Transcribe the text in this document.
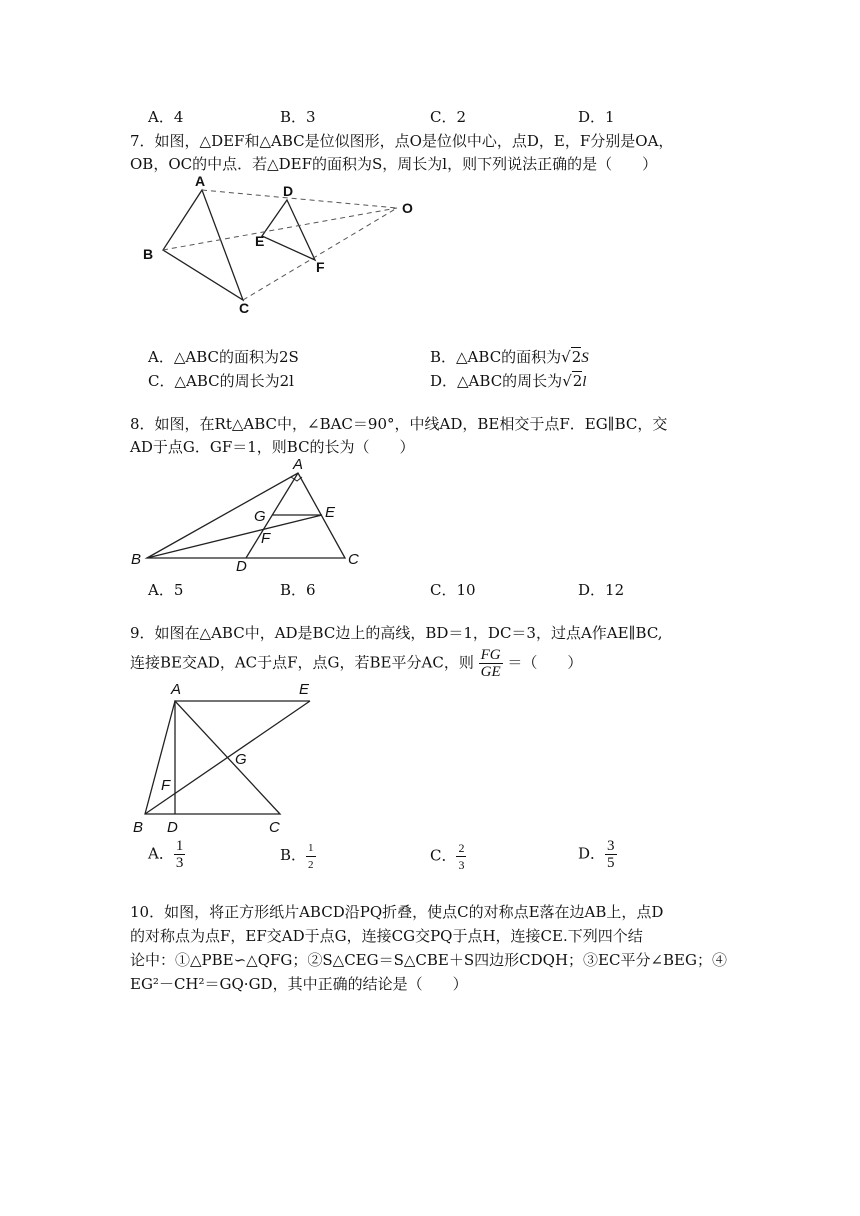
A．4	B．3	C．2	D．1
7．如图，△DEF和△ABC是位似图形，点O是位似中心，点D，E，F分别是OA，
OB，OC的中点．若△DEF的面积为S，周长为l，则下列说法正确的是（　　）
A
B
C
D
E
F
O
A．△ABC的面积为2S	B．△ABC的面积为√2S
C．△ABC的周长为2l	D．△ABC的周长为√2l
8．如图，在Rt△ABC中，∠BAC＝90°，中线AD，BE相交于点F．EG∥BC，交
AD于点G．GF＝1，则BC的长为（　　）
A
B	C
D
E
F
G
A．5	B．6	C．10	D．12
9．如图在△ABC中，AD是BC边上的高线，BD＝1，DC＝3，过点A作AE∥BC,
连接BE交AD，AC于点F，点G，若BE平分AC，则 $\frac{FG}{GE}$ ＝（　　）
A	E
B D	C
F
G
A． $\frac{1}{3}$	B． $\frac{1}{2}$	C． $\frac{2}{3}$	D． $\frac{3}{5}$
10．如图，将正方形纸片ABCD沿PQ折叠，使点C的对称点E落在边AB上，点D
的对称点为点F，EF交AD于点G，连接CG交PQ于点H，连接CE.下列四个结
论中：①△PBE∽△QFG；②S△CEG＝S△CBE＋S四边形CDQH；③EC平分∠BEG；④
EG²－CH²＝GQ·GD，其中正确的结论是（　　）
